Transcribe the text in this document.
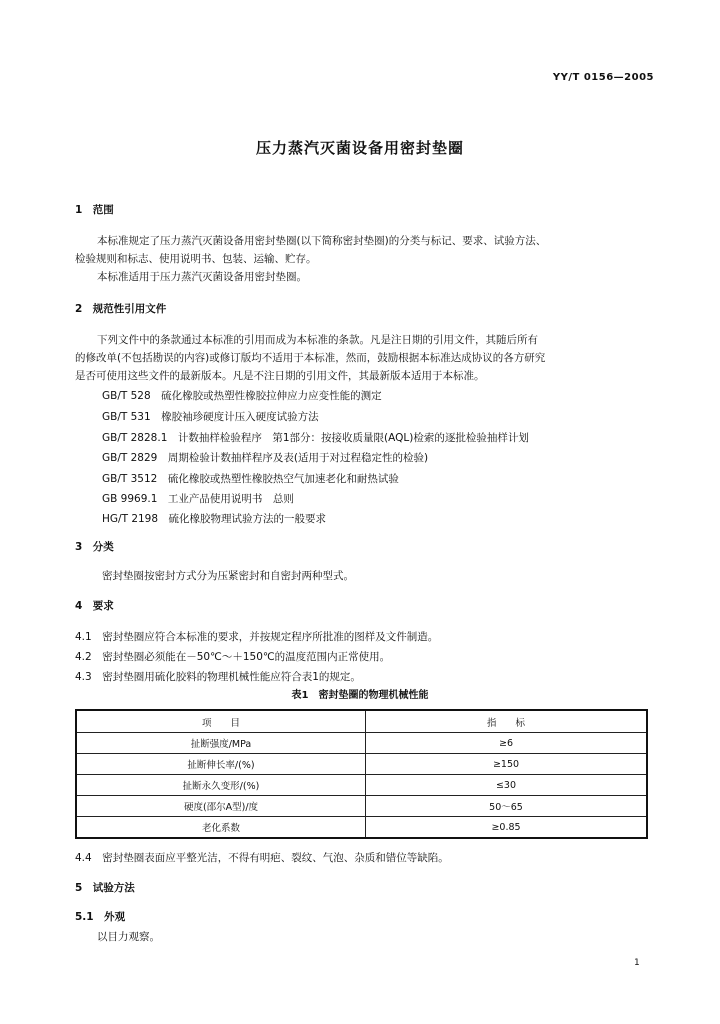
YY/T 0156—2005
压力蒸汽灭菌设备用密封垫圈
1　范围
本标准规定了压力蒸汽灭菌设备用密封垫圈(以下简称密封垫圈)的分类与标记、要求、试验方法、
检验规则和标志、使用说明书、包装、运输、贮存。
本标准适用于压力蒸汽灭菌设备用密封垫圈。
2　规范性引用文件
下列文件中的条款通过本标准的引用而成为本标准的条款。凡是注日期的引用文件，其随后所有
的修改单(不包括勘误的内容)或修订版均不适用于本标准，然而，鼓励根据本标准达成协议的各方研究
是否可使用这些文件的最新版本。凡是不注日期的引用文件，其最新版本适用于本标准。
GB/T 528　硫化橡胶或热塑性橡胶拉伸应力应变性能的测定
GB/T 531　橡胶袖珍硬度计压入硬度试验方法
GB/T 2828.1　计数抽样检验程序　第1部分：按接收质量限(AQL)检索的逐批检验抽样计划
GB/T 2829　周期检验计数抽样程序及表(适用于对过程稳定性的检验)
GB/T 3512　硫化橡胶或热塑性橡胶热空气加速老化和耐热试验
GB 9969.1　工业产品使用说明书　总则
HG/T 2198　硫化橡胶物理试验方法的一般要求
3　分类
密封垫圈按密封方式分为压紧密封和自密封两种型式。
4　要求
4.1　密封垫圈应符合本标准的要求，并按规定程序所批准的图样及文件制造。
4.2　密封垫圈必须能在－50℃～＋150℃的温度范围内正常使用。
4.3　密封垫圈用硫化胶料的物理机械性能应符合表1的规定。
表1　密封垫圈的物理机械性能
项　　目	指　　标
扯断强度/MPa	≥6
扯断伸长率/(%)	≥150
扯断永久变形/(%)	≤30
硬度(邵尔A型)/度	50～65
老化系数	≥0.85
4.4　密封垫圈表面应平整光洁，不得有明疤、裂纹、气泡、杂质和错位等缺陷。
5　试验方法
5.1　外观
以目力观察。
1
